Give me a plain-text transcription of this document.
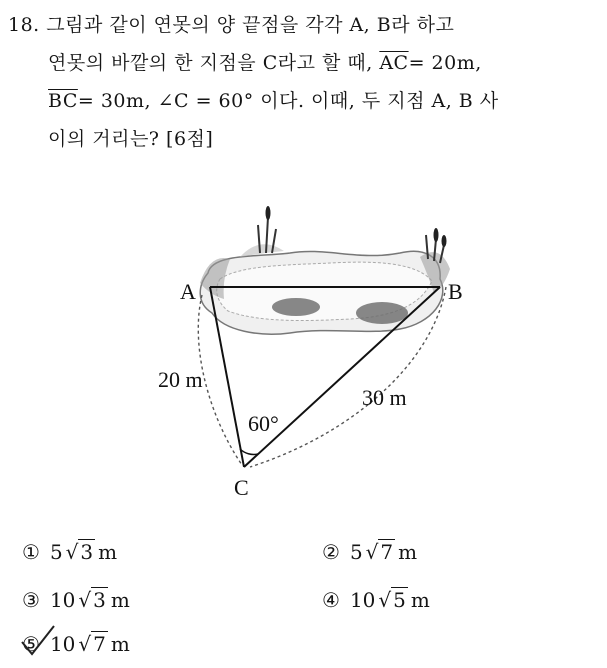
18. 그림과 같이 연못의 양 끝점을 각각 A, B라 하고
연못의 바깥의 한 지점을 C라고 할 때, $\overline{AC}= 20m$,
$\overline{BC}= 30m$, ∠C = 60° 이다. 이때, 두 지점 A, B 사
이의 거리는? [6점]
A	B
C
20 m
30 m
60°
① 5 √ 3 m	② 5 √ 7 m
③ 10 √ 3 m	④ 10 √ 5 m
⑤ 10 √ 7 m
